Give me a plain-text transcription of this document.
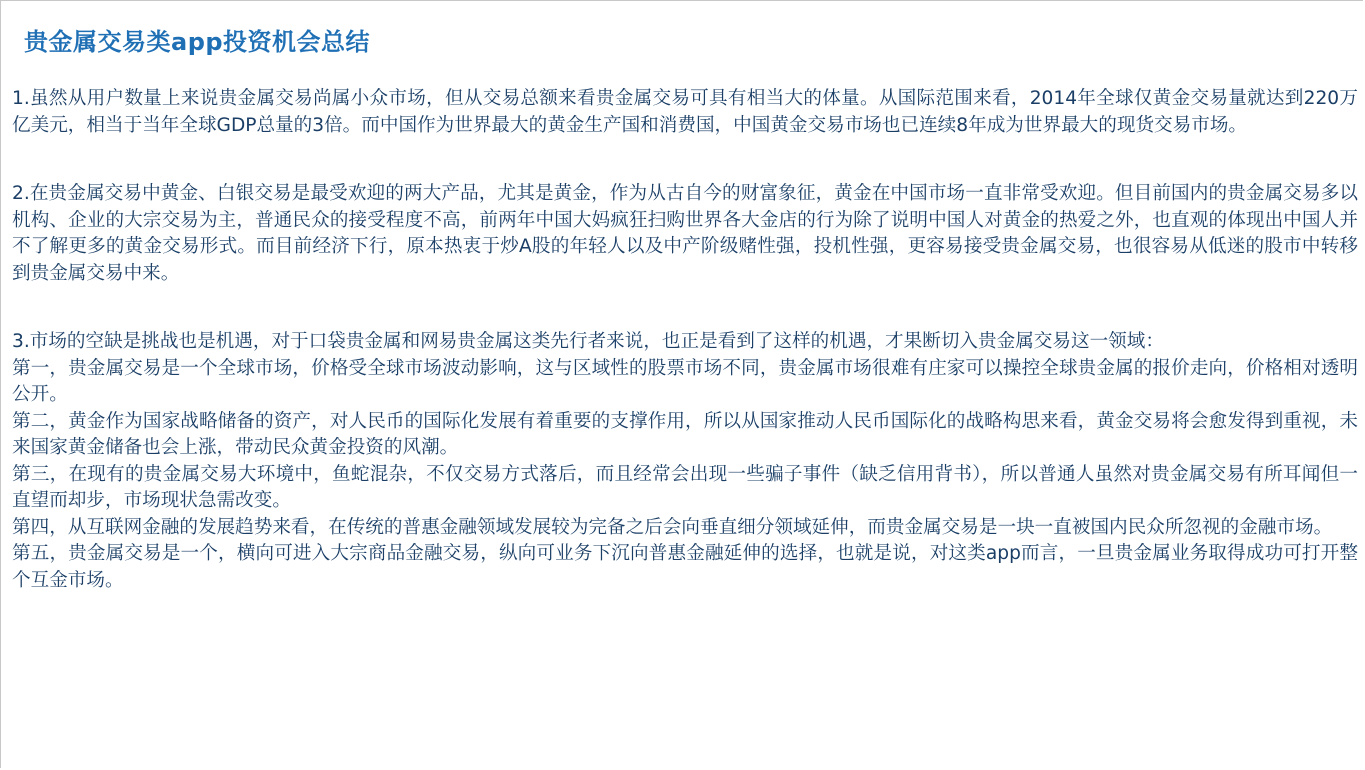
贵金属交易类app投资机会总结

1.虽然从用户数量上来说贵金属交易尚属小众市场，但从交易总额来看贵金属交易可具有相当大的体量。从国际范围来看，2014年全球仅黄金交易量就达到220万亿美元，相当于当年全球GDP总量的3倍。而中国作为世界最大的黄金生产国和消费国，中国黄金交易市场也已连续8年成为世界最大的现货交易市场。

2.在贵金属交易中黄金、白银交易是最受欢迎的两大产品，尤其是黄金，作为从古自今的财富象征，黄金在中国市场一直非常受欢迎。但目前国内的贵金属交易多以机构、企业的大宗交易为主，普通民众的接受程度不高，前两年中国大妈疯狂扫购世界各大金店的行为除了说明中国人对黄金的热爱之外，也直观的体现出中国人并不了解更多的黄金交易形式。而目前经济下行，原本热衷于炒A股的年轻人以及中产阶级赌性强，投机性强，更容易接受贵金属交易，也很容易从低迷的股市中转移到贵金属交易中来。

3.市场的空缺是挑战也是机遇，对于口袋贵金属和网易贵金属这类先行者来说，也正是看到了这样的机遇，才果断切入贵金属交易这一领域：

第一，贵金属交易是一个全球市场，价格受全球市场波动影响，这与区域性的股票市场不同，贵金属市场很难有庄家可以操控全球贵金属的报价走向，价格相对透明公开。

第二，黄金作为国家战略储备的资产，对人民币的国际化发展有着重要的支撑作用，所以从国家推动人民币国际化的战略构思来看，黄金交易将会愈发得到重视，未来国家黄金储备也会上涨，带动民众黄金投资的风潮。

第三，在现有的贵金属交易大环境中，鱼蛇混杂，不仅交易方式落后，而且经常会出现一些骗子事件（缺乏信用背书），所以普通人虽然对贵金属交易有所耳闻但一直望而却步，市场现状急需改变。

第四，从互联网金融的发展趋势来看，在传统的普惠金融领域发展较为完备之后会向垂直细分领域延伸，而贵金属交易是一块一直被国内民众所忽视的金融市场。

第五，贵金属交易是一个，横向可进入大宗商品金融交易，纵向可业务下沉向普惠金融延伸的选择，也就是说，对这类app而言，一旦贵金属业务取得成功可打开整个互金市场。
